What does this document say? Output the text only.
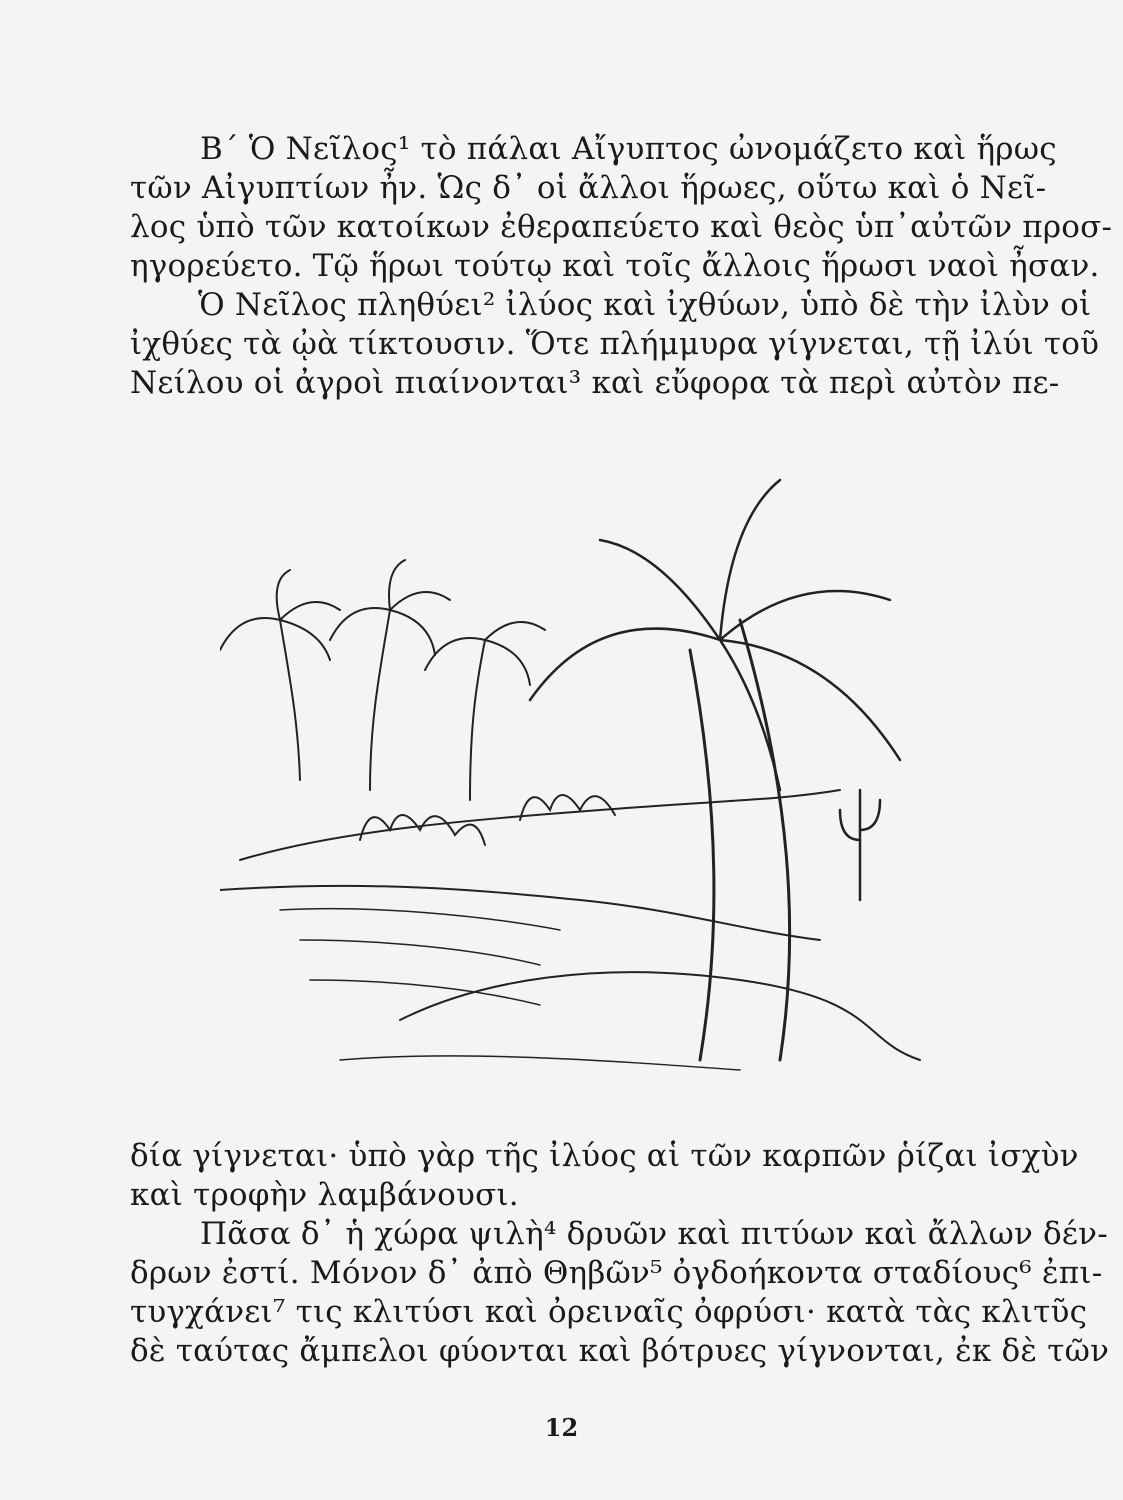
Β΄ Ὁ Νεῖλος¹ τὸ πάλαι Αἴγυπτος ὠνομάζετο καὶ ἥρως
τῶν Αἰγυπτίων ἦν. Ὡς δ᾽ οἱ ἄλλοι ἥρωες, οὕτω καὶ ὁ Νεῖ-
λος ὑπὸ τῶν κατοίκων ἐθεραπεύετο καὶ θεὸς ὑπ᾽αὐτῶν προσ-
ηγορεύετο. Τῷ ἥρωι τούτῳ καὶ τοῖς ἄλλοις ἥρωσι ναοὶ ἦσαν.
Ὁ Νεῖλος πληθύει² ἰλύος καὶ ἰχθύων, ὑπὸ δὲ τὴν ἰλὺν οἱ
ἰχθύες τὰ ᾠὰ τίκτουσιν. Ὅτε πλήμμυρα γίγνεται, τῇ ἰλύι τοῦ
Νείλου οἱ ἀγροὶ πιαίνονται³ καὶ εὔφορα τὰ περὶ αὐτὸν πε-
δία γίγνεται· ὑπὸ γὰρ τῆς ἰλύος αἱ τῶν καρπῶν ῥίζαι ἰσχὺν
καὶ τροφὴν λαμβάνουσι.
Πᾶσα δ᾽ ἡ χώρα ψιλὴ⁴ δρυῶν καὶ πιτύων καὶ ἄλλων δέν-
δρων ἐστί. Μόνον δ᾽ ἀπὸ Θηβῶν⁵ ὀγδοήκοντα σταδίους⁶ ἐπι-
τυγχάνει⁷ τις κλιτύσι καὶ ὀρειναῖς ὀφρύσι· κατὰ τὰς κλιτῦς
δὲ ταύτας ἄμπελοι φύονται καὶ βότρυες γίγνονται, ἐκ δὲ τῶν
12
